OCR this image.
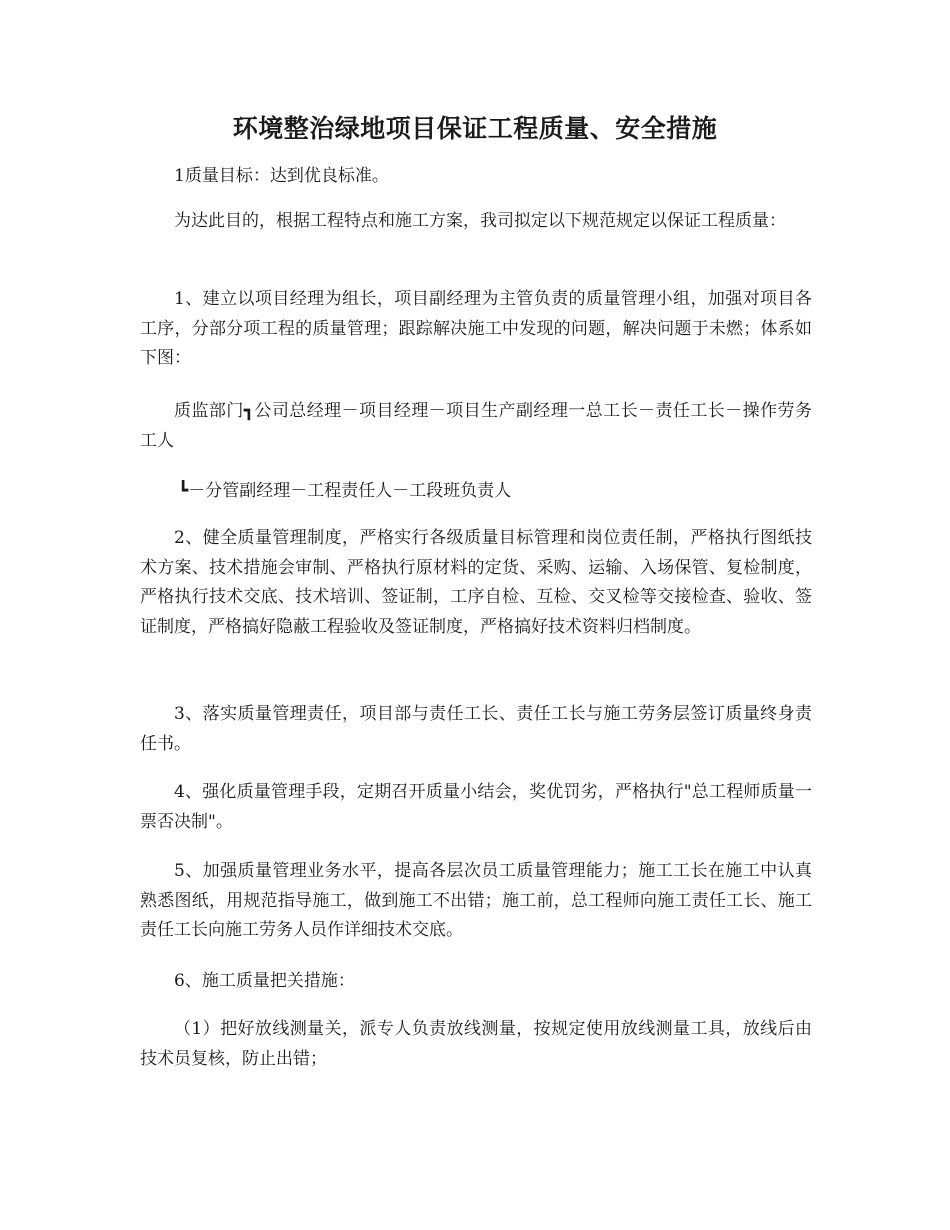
环境整治绿地项目保证工程质量、安全措施

1质量目标：达到优良标准。

为达此目的，根据工程特点和施工方案，我司拟定以下规范规定以保证工程质量：

1、建立以项目经理为组长，项目副经理为主管负责的质量管理小组，加强对项目各工序，分部分项工程的质量管理；跟踪解决施工中发现的问题，解决问题于未燃；体系如下图：

质监部门┓公司总经理－项目经理－项目生产副经理一总工长－责任工长－操作劳务工人

┗－分管副经理－工程责任人－工段班负责人

2、健全质量管理制度，严格实行各级质量目标管理和岗位责任制，严格执行图纸技术方案、技术措施会审制、严格执行原材料的定货、采购、运输、入场保管、复检制度，严格执行技术交底、技术培训、签证制，工序自检、互检、交叉检等交接检查、验收、签证制度，严格搞好隐蔽工程验收及签证制度，严格搞好技术资料归档制度。

3、落实质量管理责任，项目部与责任工长、责任工长与施工劳务层签订质量终身责任书。

4、强化质量管理手段，定期召开质量小结会，奖优罚劣，严格执行"总工程师质量一票否决制"。

5、加强质量管理业务水平，提高各层次员工质量管理能力；施工工长在施工中认真熟悉图纸，用规范指导施工，做到施工不出错；施工前，总工程师向施工责任工长、施工责任工长向施工劳务人员作详细技术交底。

6、施工质量把关措施：

（1）把好放线测量关，派专人负责放线测量，按规定使用放线测量工具，放线后由技术员复核，防止出错；
